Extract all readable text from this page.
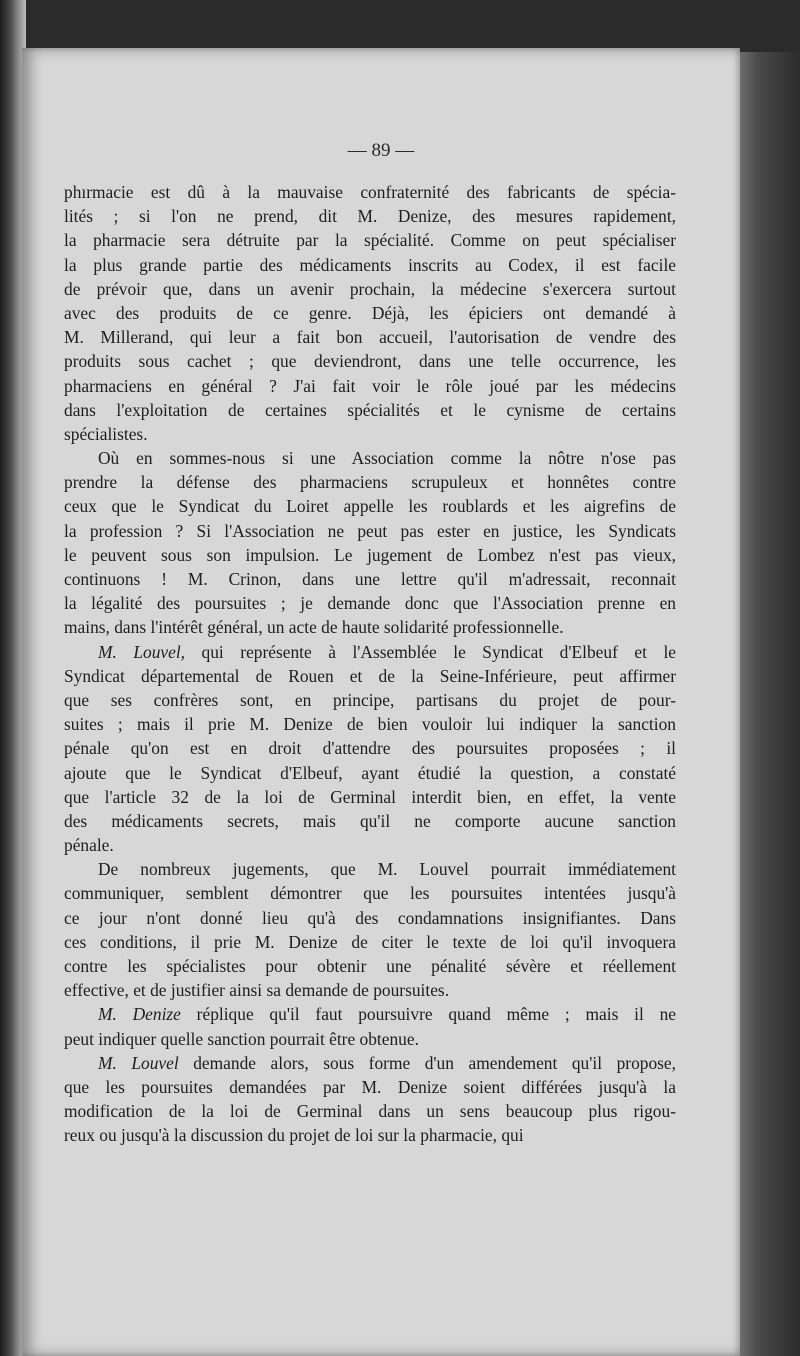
— 89 —
phırmacie est dû à la mauvaise confraternité des fabricants de spécia-
lités ; si l'on ne prend, dit M. Denize, des mesures rapidement,
la pharmacie sera détruite par la spécialité. Comme on peut spécialiser
la plus grande partie des médicaments inscrits au Codex, il est facile
de prévoir que, dans un avenir prochain, la médecine s'exercera surtout
avec des produits de ce genre. Déjà, les épiciers ont demandé à
M. Millerand, qui leur a fait bon accueil, l'autorisation de vendre des
produits sous cachet ; que deviendront, dans une telle occurrence, les
pharmaciens en général ? J'ai fait voir le rôle joué par les médecins
dans l'exploitation de certaines spécialités et le cynisme de certains
spécialistes.
Où en sommes-nous si une Association comme la nôtre n'ose pas
prendre la défense des pharmaciens scrupuleux et honnêtes contre
ceux que le Syndicat du Loiret appelle les roublards et les aigrefins de
la profession ? Si l'Association ne peut pas ester en justice, les Syndicats
le peuvent sous son impulsion. Le jugement de Lombez n'est pas vieux,
continuons ! M. Crinon, dans une lettre qu'il m'adressait, reconnait
la légalité des poursuites ; je demande donc que l'Association prenne en
mains, dans l'intérêt général, un acte de haute solidarité professionnelle.
M. Louvel, qui représente à l'Assemblée le Syndicat d'Elbeuf et le
Syndicat départemental de Rouen et de la Seine-Inférieure, peut affirmer
que ses confrères sont, en principe, partisans du projet de pour-
suites ; mais il prie M. Denize de bien vouloir lui indiquer la sanction
pénale qu'on est en droit d'attendre des poursuites proposées ; il
ajoute que le Syndicat d'Elbeuf, ayant étudié la question, a constaté
que l'article 32 de la loi de Germinal interdit bien, en effet, la vente
des médicaments secrets, mais qu'il ne comporte aucune sanction
pénale.
De nombreux jugements, que M. Louvel pourrait immédiatement
communiquer, semblent démontrer que les poursuites intentées jusqu'à
ce jour n'ont donné lieu qu'à des condamnations insignifiantes. Dans
ces conditions, il prie M. Denize de citer le texte de loi qu'il invoquera
contre les spécialistes pour obtenir une pénalité sévère et réellement
effective, et de justifier ainsi sa demande de poursuites.
M. Denize réplique qu'il faut poursuivre quand même ; mais il ne
peut indiquer quelle sanction pourrait être obtenue.
M. Louvel demande alors, sous forme d'un amendement qu'il propose,
que les poursuites demandées par M. Denize soient différées jusqu'à la
modification de la loi de Germinal dans un sens beaucoup plus rigou-
reux ou jusqu'à la discussion du projet de loi sur la pharmacie, qui
